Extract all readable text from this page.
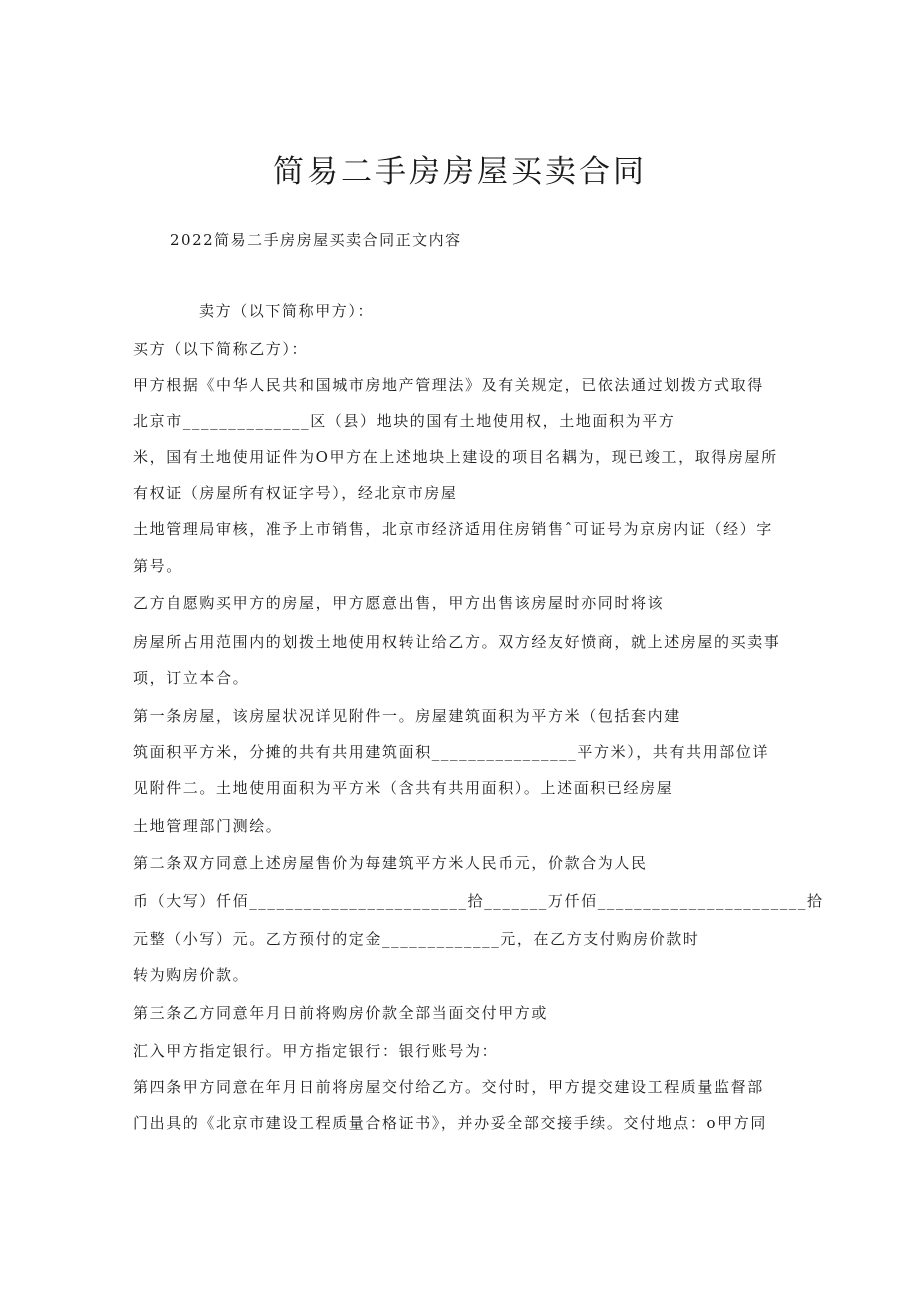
简易二手房房屋买卖合同
2022简易二手房房屋买卖合同正文内容
卖方（以下简称甲方）：
买方（以下简称乙方）：
甲方根据《中华人民共和国城市房地产管理法》及有关规定，已依法通过划拨方式取得
北京市______________区（县）地块的国有土地使用权，土地面积为平方
米，国有土地使用证件为O甲方在上述地块上建设的项目名耦为，现已竣工，取得房屋所
有权证（房屋所有权证字号），经北京市房屋
土地管理局审核，准予上市销售，北京市经济适用住房销售ˆ可证号为京房内证（经）字
第号。
乙方自愿购买甲方的房屋，甲方愿意出售，甲方出售该房屋时亦同时将该
房屋所占用范围内的划拨土地使用权转让给乙方。双方经友好愤商，就上述房屋的买卖事
项，订立本合。
第一条房屋，该房屋状况详见附件一。房屋建筑面积为平方米（包括套内建
筑面积平方米，分摊的共有共用建筑面积________________平方米），共有共用部位详
见附件二。土地使用面积为平方米（含共有共用面积）。上述面积已经房屋
土地管理部门测绘。
第二条双方同意上述房屋售价为每建筑平方米人民币元，价款合为人民
币（大写）仟佰________________________拾_______万仟佰_______________________拾
元整（小写）元。乙方预付的定金_____________元，在乙方支付购房价款时
转为购房价款。
第三条乙方同意年月日前将购房价款全部当面交付甲方或
汇入甲方指定银行。甲方指定银行：银行账号为：
第四条甲方同意在年月日前将房屋交付给乙方。交付时，甲方提交建设工程质量监督部
门出具的《北京市建设工程质量合格证书》，并办妥全部交接手续。交付地点：o甲方同
